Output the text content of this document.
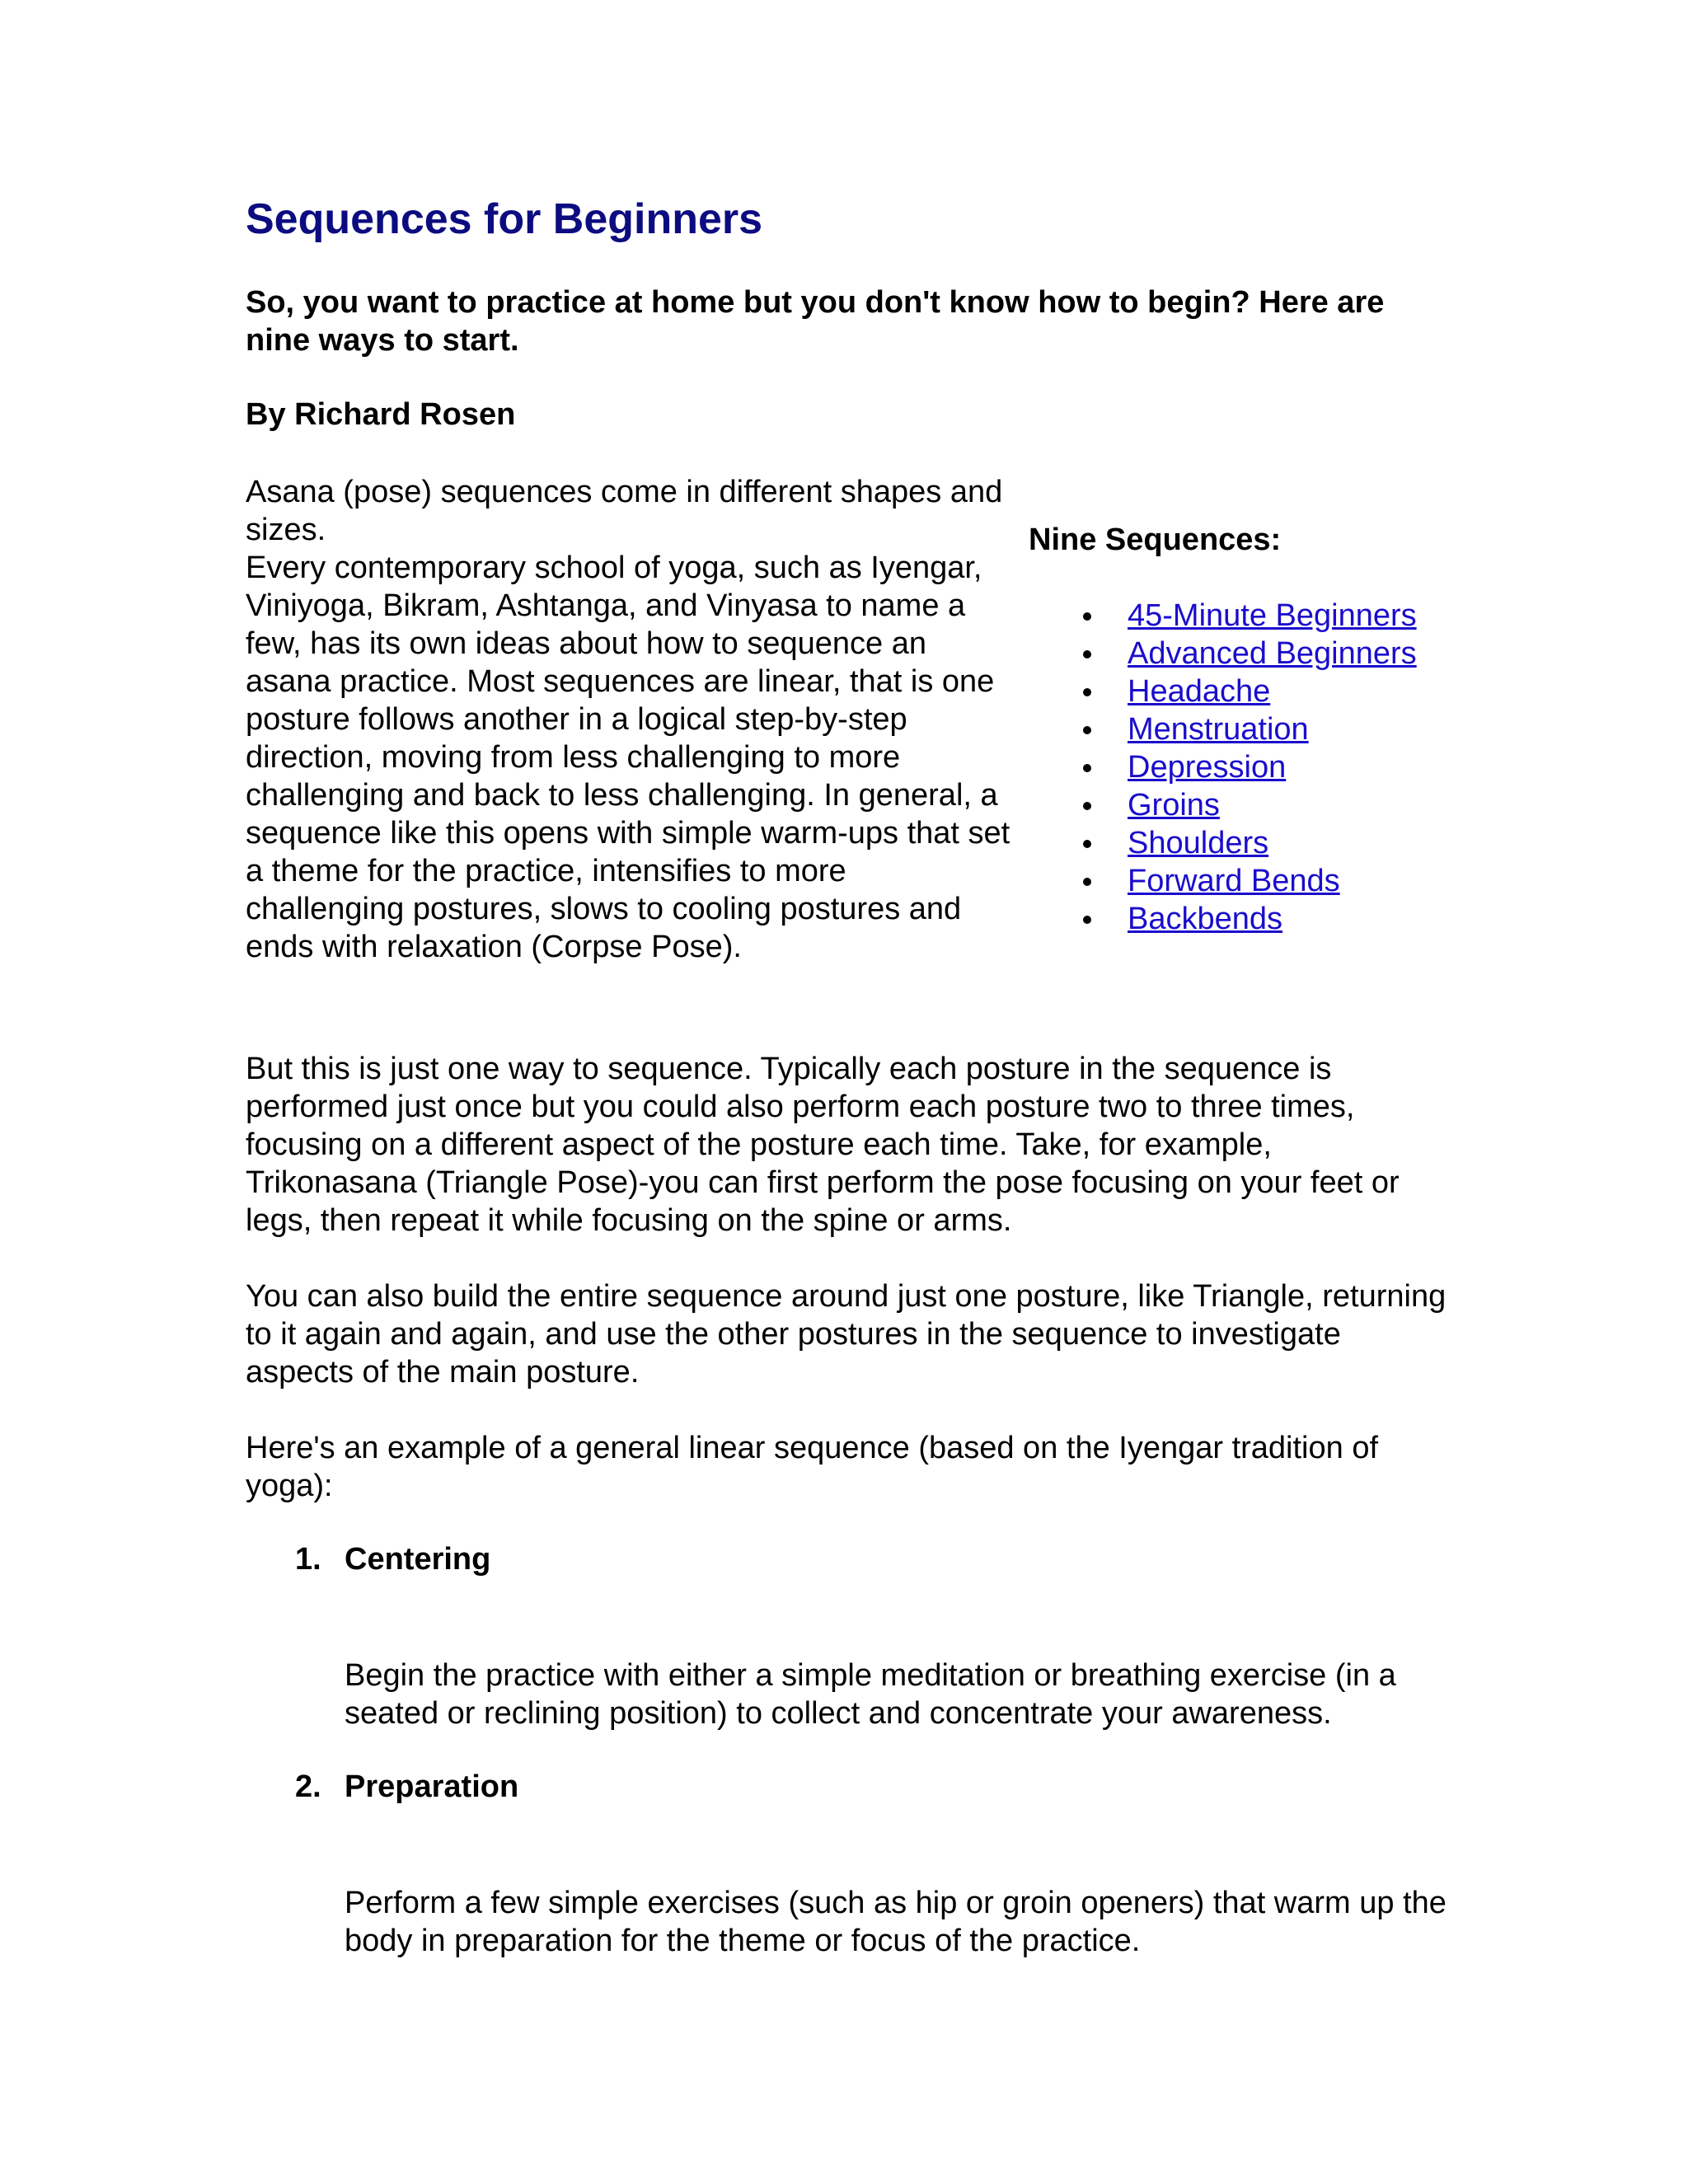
Sequences for Beginners

So, you want to practice at home but you don't know how to begin? Here are nine ways to start.

By Richard Rosen

Asana (pose) sequences come in different shapes and sizes.
Every contemporary school of yoga, such as Iyengar, Viniyoga, Bikram, Ashtanga, and Vinyasa to name a few, has its own ideas about how to sequence an asana practice. Most sequences are linear, that is one posture follows another in a logical step-by-step direction, moving from less challenging to more challenging and back to less challenging. In general, a sequence like this opens with simple warm-ups that set a theme for the practice, intensifies to more challenging postures, slows to cooling postures and ends with relaxation (Corpse Pose).

Nine Sequences:

45-Minute Beginners
Advanced Beginners
Headache
Menstruation
Depression
Groins
Shoulders
Forward Bends
Backbends

But this is just one way to sequence. Typically each posture in the sequence is performed just once but you could also perform each posture two to three times, focusing on a different aspect of the posture each time. Take, for example, Trikonasana (Triangle Pose)-you can first perform the pose focusing on your feet or legs, then repeat it while focusing on the spine or arms.

You can also build the entire sequence around just one posture, like Triangle, returning to it again and again, and use the other postures in the sequence to investigate aspects of the main posture.

Here's an example of a general linear sequence (based on the Iyengar tradition of yoga):

1. Centering

Begin the practice with either a simple meditation or breathing exercise (in a seated or reclining position) to collect and concentrate your awareness.

2. Preparation

Perform a few simple exercises (such as hip or groin openers) that warm up the body in preparation for the theme or focus of the practice.
